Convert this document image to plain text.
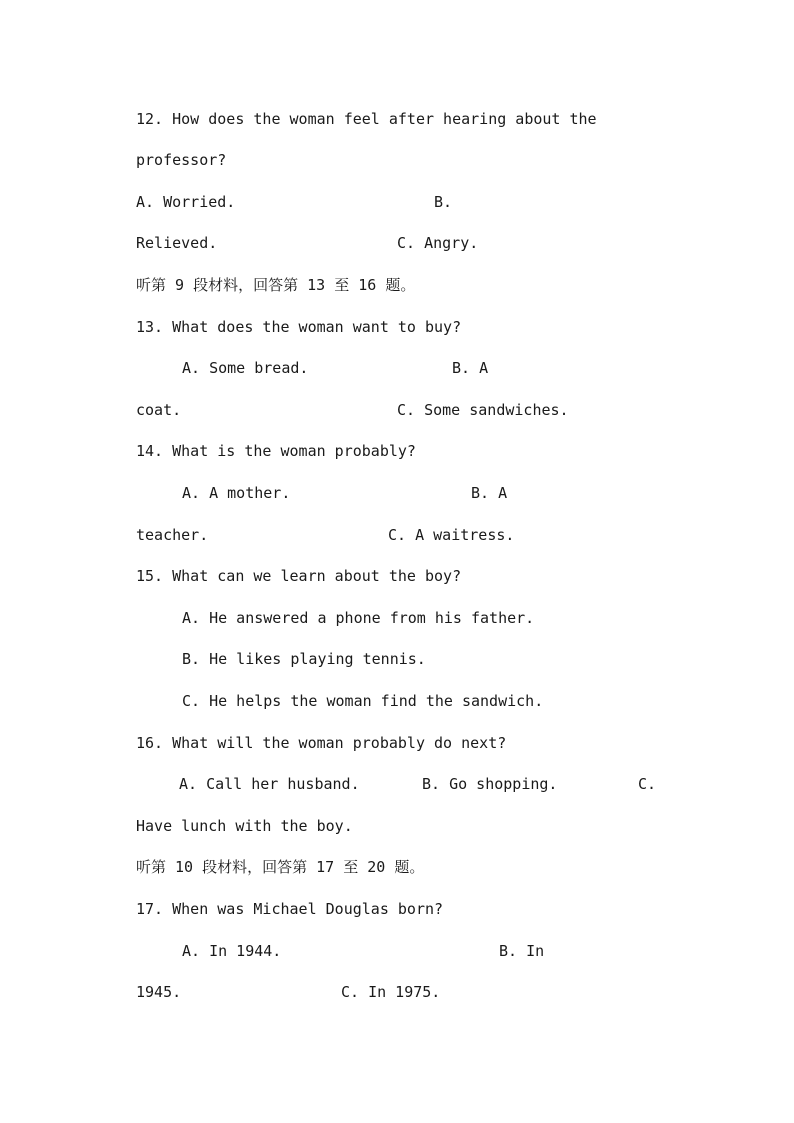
12. How does the woman feel after hearing about the

professor?

A. Worried.

	B.

Relieved.

	C. Angry.

听第 9 段材料，回答第 13 至 16 题。

13. What does the woman want to buy?

A. Some bread.

	B. A

coat.

	C. Some sandwiches.

14. What is the woman probably?

A. A mother.

	B. A

teacher.

	C. A waitress.

15. What can we learn about the boy?

A. He answered a phone from his father.

B. He likes playing tennis.

C. He helps the woman find the sandwich.

16. What will the woman probably do next?

A. Call her husband.

	B. Go shopping.

	C.

Have lunch with the boy.

听第 10 段材料，回答第 17 至 20 题。

17. When was Michael Douglas born?

A. In 1944.

	B. In

1945.

	C. In 1975.
